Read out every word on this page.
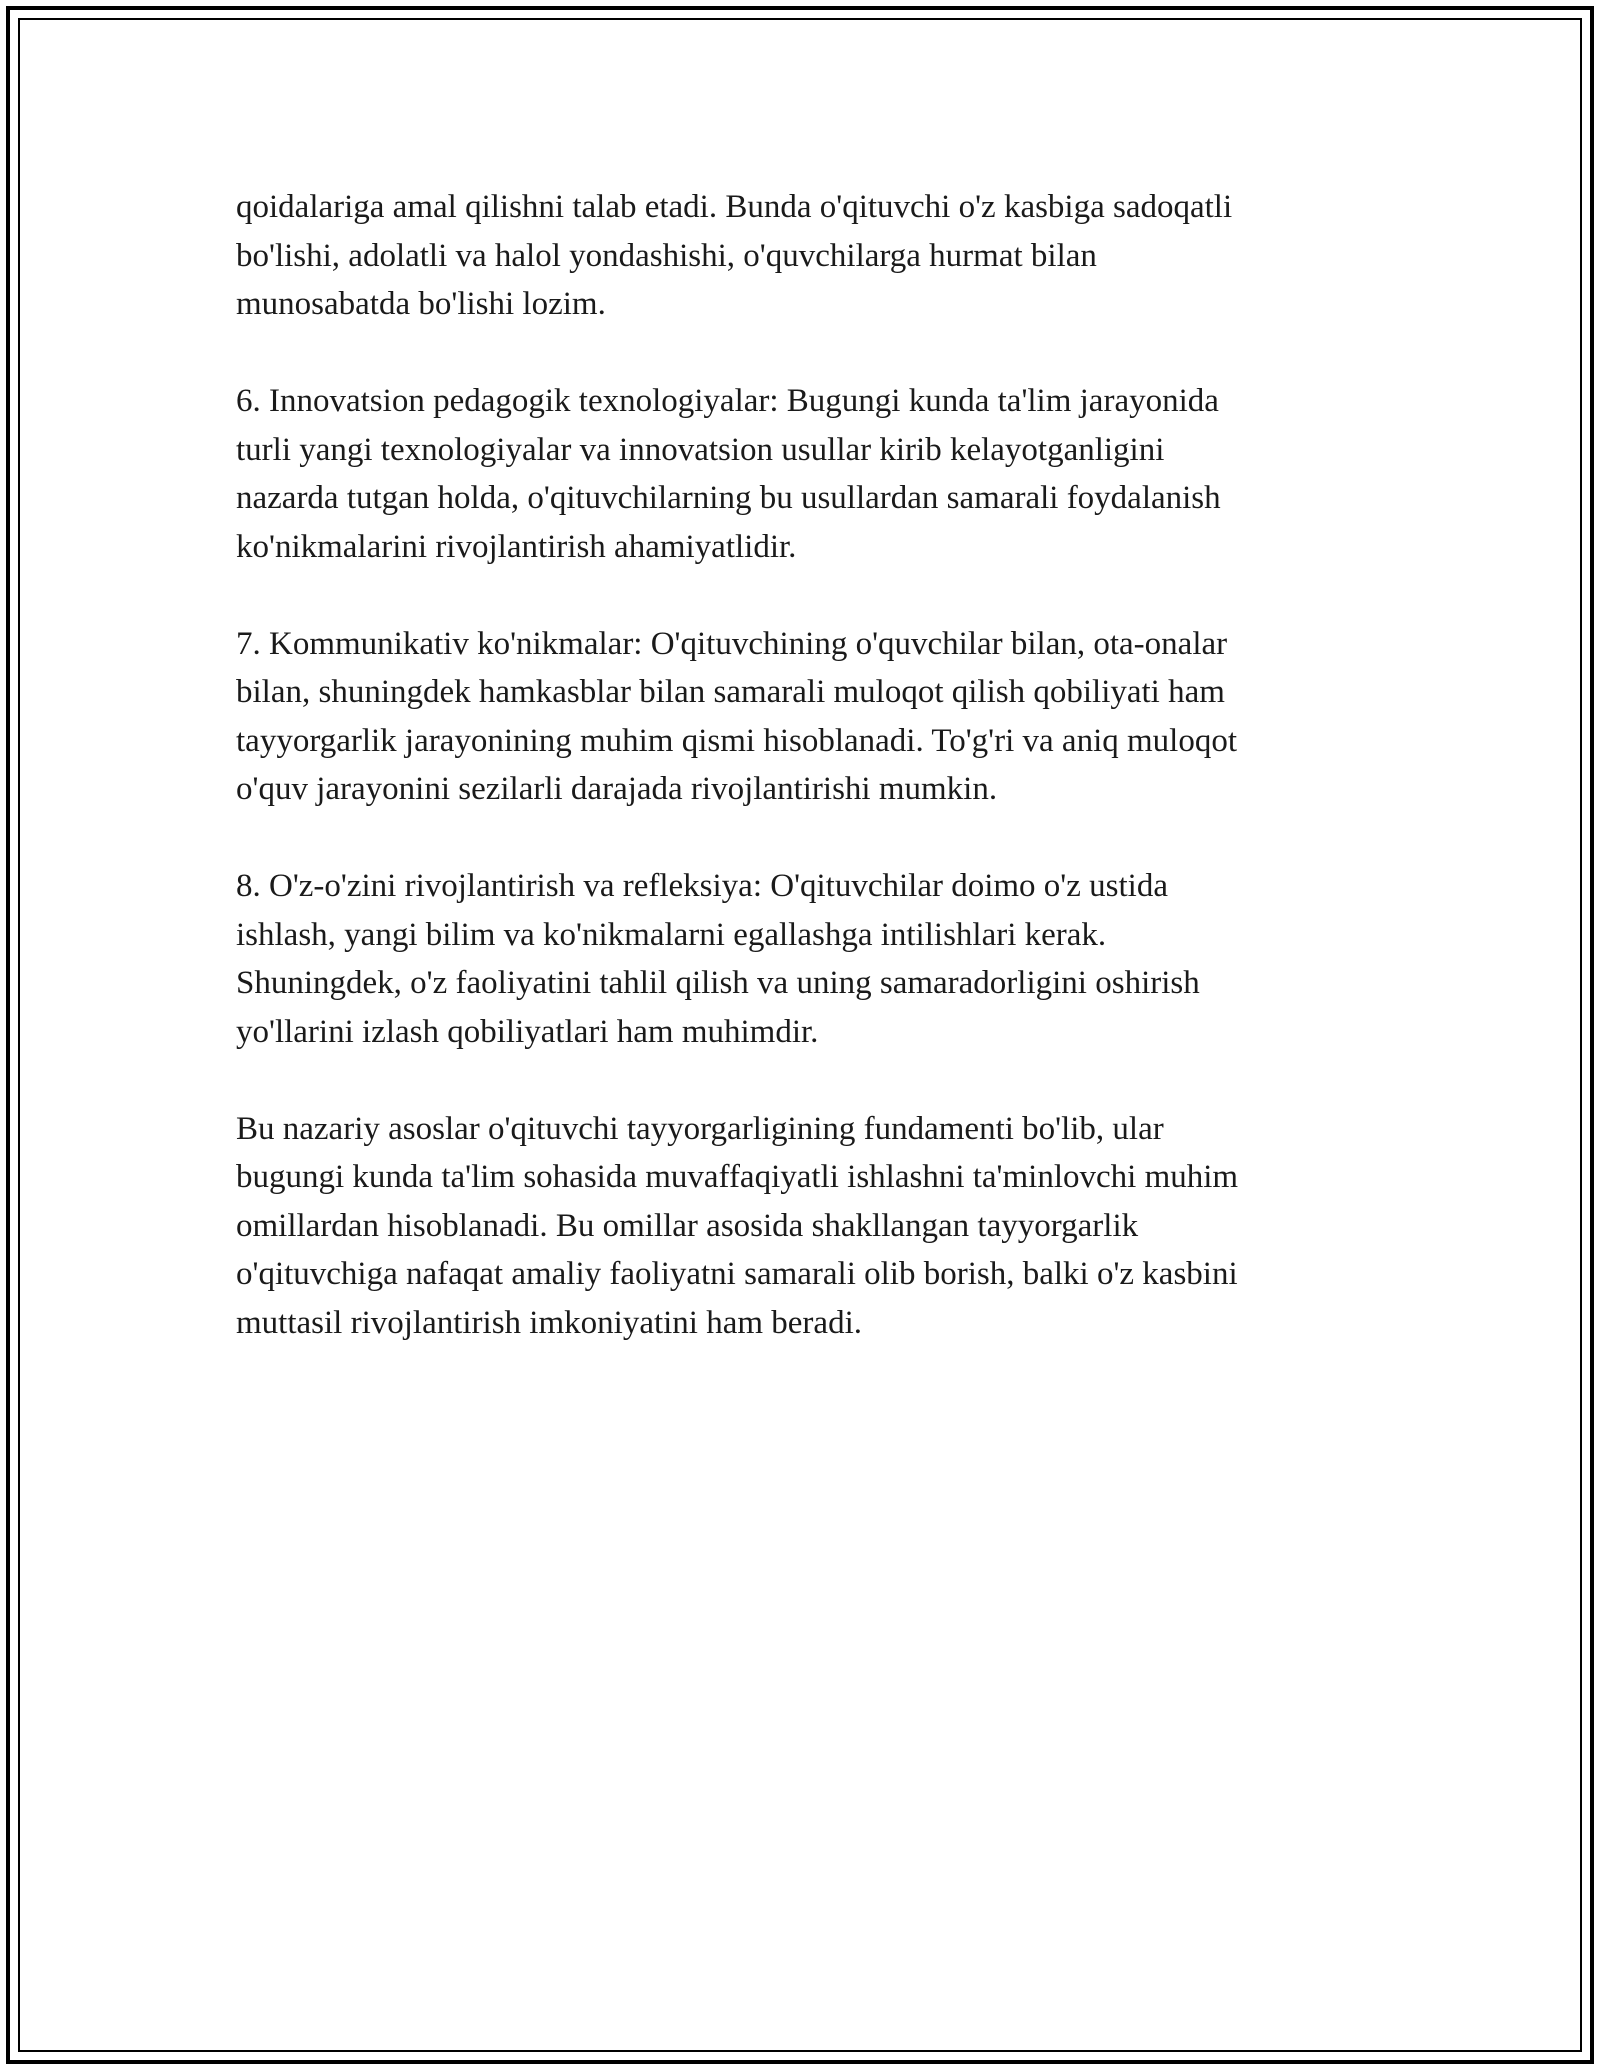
qoidalariga amal qilishni talab etadi. Bunda o'qituvchi o'z kasbiga sadoqatli
bo'lishi, adolatli va halol yondashishi, o'quvchilarga hurmat bilan
munosabatda bo'lishi lozim.

6. Innovatsion pedagogik texnologiyalar: Bugungi kunda ta'lim jarayonida
turli yangi texnologiyalar va innovatsion usullar kirib kelayotganligini
nazarda tutgan holda, o'qituvchilarning bu usullardan samarali foydalanish
ko'nikmalarini rivojlantirish ahamiyatlidir.

7. Kommunikativ ko'nikmalar: O'qituvchining o'quvchilar bilan, ota-onalar
bilan, shuningdek hamkasblar bilan samarali muloqot qilish qobiliyati ham
tayyorgarlik jarayonining muhim qismi hisoblanadi. To'g'ri va aniq muloqot
o'quv jarayonini sezilarli darajada rivojlantirishi mumkin.

8. O'z-o'zini rivojlantirish va refleksiya: O'qituvchilar doimo o'z ustida
ishlash, yangi bilim va ko'nikmalarni egallashga intilishlari kerak.
Shuningdek, o'z faoliyatini tahlil qilish va uning samaradorligini oshirish
yo'llarini izlash qobiliyatlari ham muhimdir.

Bu nazariy asoslar o'qituvchi tayyorgarligining fundamenti bo'lib, ular
bugungi kunda ta'lim sohasida muvaffaqiyatli ishlashni ta'minlovchi muhim
omillardan hisoblanadi. Bu omillar asosida shakllangan tayyorgarlik
o'qituvchiga nafaqat amaliy faoliyatni samarali olib borish, balki o'z kasbini
muttasil rivojlantirish imkoniyatini ham beradi.
